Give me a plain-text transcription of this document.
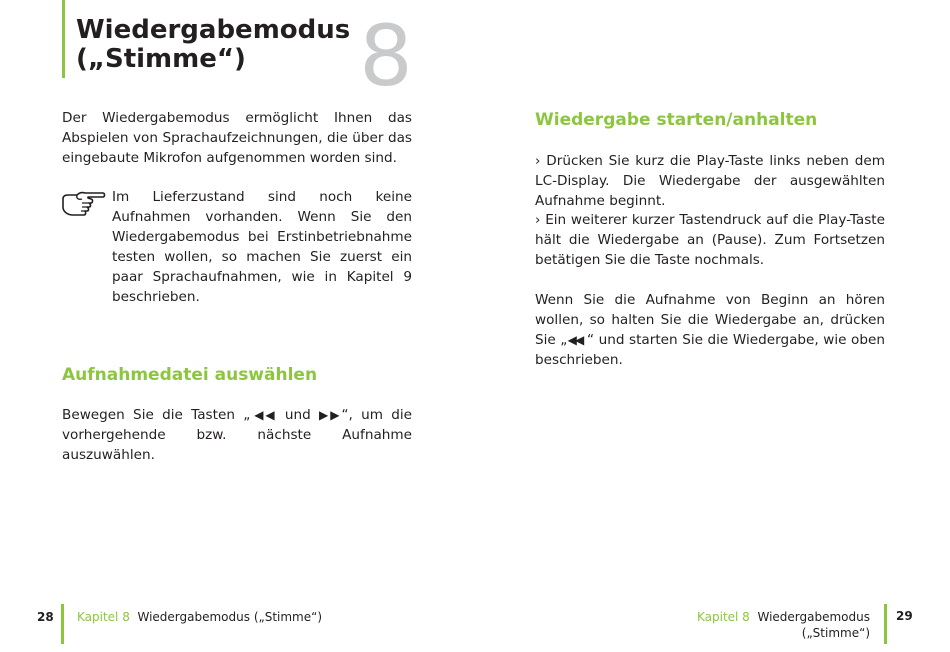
Wiedergabemodus
(„Stimme“)	8

Der Wiedergabemodus ermöglicht Ihnen das Abspielen von Sprachaufzeichnungen, die über das eingebaute Mikrofon aufgenommen worden sind.

Im Lieferzustand sind noch keine Aufnahmen vorhanden. Wenn Sie den Wiedergabemodus bei Erstinbetriebnahme testen wollen, so machen Sie zuerst ein paar Sprachaufnahmen, wie in Kapitel 9 beschrieben.

Aufnahmedatei auswählen

Bewegen Sie die Tasten „◀◀ und ▶▶“, um die vorhergehende bzw. nächste Aufnahme auszuwählen.

Wiedergabe starten/anhalten

› Drücken Sie kurz die Play-Taste links neben dem LC-Display. Die Wiedergabe der ausgewählten Aufnahme beginnt.

› Ein weiterer kurzer Tastendruck auf die Play-Taste hält die Wiedergabe an (Pause). Zum Fortsetzen betätigen Sie die Taste nochmals.

Wenn Sie die Aufnahme von Beginn an hören wollen, so halten Sie die Wiedergabe an, drücken Sie „◀◀ “ und starten Sie die Wiedergabe, wie oben beschrieben.

28 Kapitel 8 Wiedergabemodus („Stimme“)	Kapitel 8 Wiedergabemodus („Stimme“)
29
